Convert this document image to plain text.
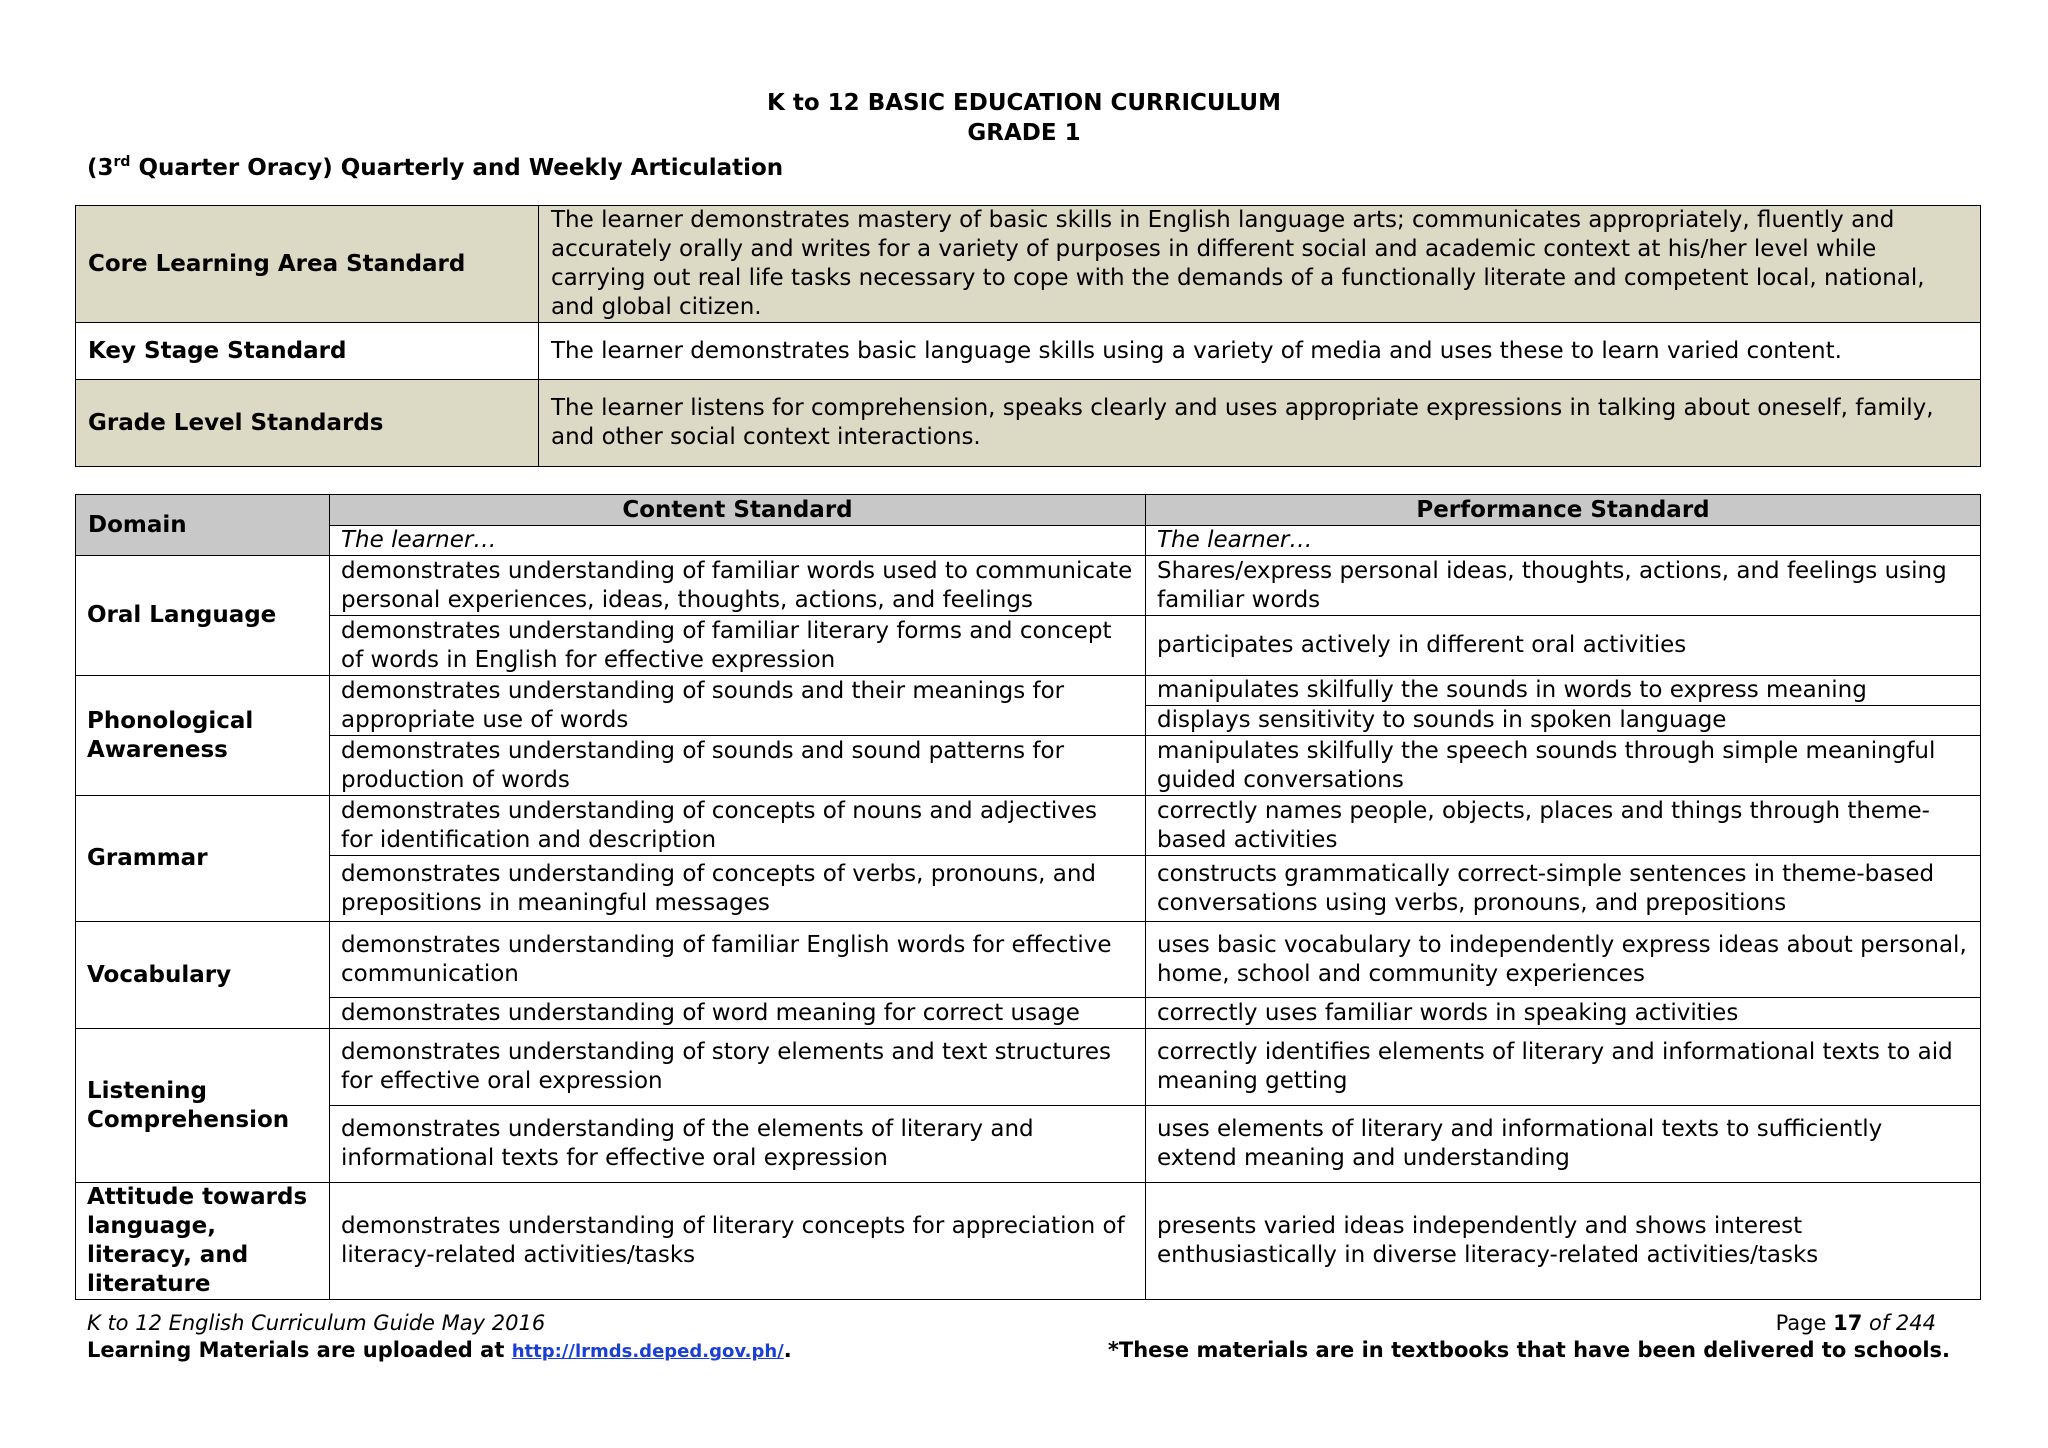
K to 12 BASIC EDUCATION CURRICULUM
GRADE 1
(3rd Quarter Oracy) Quarterly and Weekly Articulation
Core Learning Area Standard	The learner demonstrates mastery of basic skills in English language arts; communicates appropriately, fluently and accurately orally and writes for a variety of purposes in different social and academic context at his/her level while carrying out real life tasks necessary to cope with the demands of a functionally literate and competent local, national, and global citizen.
Key Stage Standard	The learner demonstrates basic language skills using a variety of media and uses these to learn varied content.
Grade Level Standards	The learner listens for comprehension, speaks clearly and uses appropriate expressions in talking about oneself, family, and other social context interactions.
Domain	Content Standard	Performance Standard
	The learner…	The learner…
Oral Language	demonstrates understanding of familiar words used to communicate personal experiences, ideas, thoughts, actions, and feelings	Shares/express personal ideas, thoughts, actions, and feelings using familiar words
	demonstrates understanding of familiar literary forms and concept of words in English for effective expression	participates actively in different oral activities
Phonological Awareness	demonstrates understanding of sounds and their meanings for appropriate use of words	manipulates skilfully the sounds in words to express meaning
		displays sensitivity to sounds in spoken language
	demonstrates understanding of sounds and sound patterns for production of words	manipulates skilfully the speech sounds through simple meaningful guided conversations
Grammar	demonstrates understanding of concepts of nouns and adjectives for identification and description	correctly names people, objects, places and things through theme-based activities
	demonstrates understanding of concepts of verbs, pronouns, and prepositions in meaningful messages	constructs grammatically correct-simple sentences in theme-based conversations using verbs, pronouns, and prepositions
Vocabulary	demonstrates understanding of familiar English words for effective communication	uses basic vocabulary to independently express ideas about personal, home, school and community experiences
	demonstrates understanding of word meaning for correct usage	correctly uses familiar words in speaking activities
Listening Comprehension	demonstrates understanding of story elements and text structures for effective oral expression	correctly identifies elements of literary and informational texts to aid meaning getting
	demonstrates understanding of the elements of literary and informational texts for effective oral expression	uses elements of literary and informational texts to sufficiently extend meaning and understanding
Attitude towards language, literacy, and literature	demonstrates understanding of literary concepts for appreciation of literacy-related activities/tasks	presents varied ideas independently and shows interest enthusiastically in diverse literacy-related activities/tasks
K to 12 English Curriculum Guide May 2016
Learning Materials are uploaded at http://lrmds.deped.gov.ph/.
Page 17 of 244
*These materials are in textbooks that have been delivered to schools.
